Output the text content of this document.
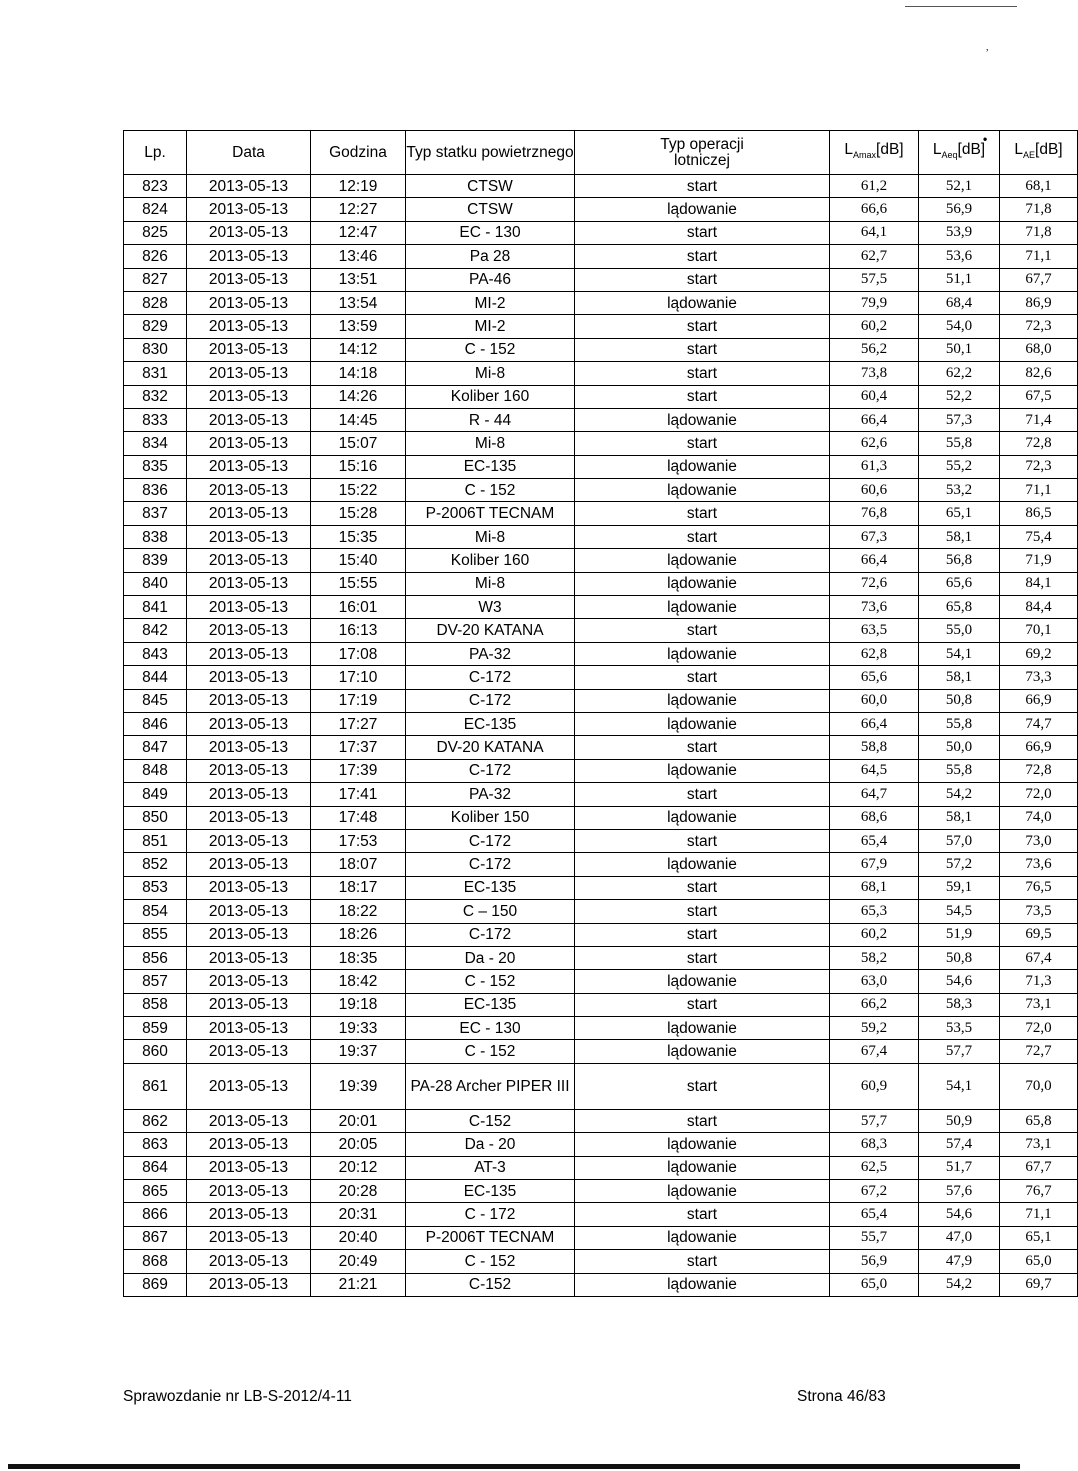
,
•
Lp.	Data	Godzina	Typ statku powietrznego	Typ operacji lotniczej	$L_{Amax}[dB]$	$L_{Aeq}[dB]$	$L_{AE}[dB]$
823	2013-05-13	12:19	CTSW	start	61,2	52,1	68,1
824	2013-05-13	12:27	CTSW	lądowanie	66,6	56,9	71,8
825	2013-05-13	12:47	EC - 130	start	64,1	53,9	71,8
826	2013-05-13	13:46	Pa 28	start	62,7	53,6	71,1
827	2013-05-13	13:51	PA-46	start	57,5	51,1	67,7
828	2013-05-13	13:54	MI-2	lądowanie	79,9	68,4	86,9
829	2013-05-13	13:59	MI-2	start	60,2	54,0	72,3
830	2013-05-13	14:12	C - 152	start	56,2	50,1	68,0
831	2013-05-13	14:18	Mi-8	start	73,8	62,2	82,6
832	2013-05-13	14:26	Koliber 160	start	60,4	52,2	67,5
833	2013-05-13	14:45	R - 44	lądowanie	66,4	57,3	71,4
834	2013-05-13	15:07	Mi-8	start	62,6	55,8	72,8
835	2013-05-13	15:16	EC-135	lądowanie	61,3	55,2	72,3
836	2013-05-13	15:22	C - 152	lądowanie	60,6	53,2	71,1
837	2013-05-13	15:28	P-2006T TECNAM	start	76,8	65,1	86,5
838	2013-05-13	15:35	Mi-8	start	67,3	58,1	75,4
839	2013-05-13	15:40	Koliber 160	lądowanie	66,4	56,8	71,9
840	2013-05-13	15:55	Mi-8	lądowanie	72,6	65,6	84,1
841	2013-05-13	16:01	W3	lądowanie	73,6	65,8	84,4
842	2013-05-13	16:13	DV-20 KATANA	start	63,5	55,0	70,1
843	2013-05-13	17:08	PA-32	lądowanie	62,8	54,1	69,2
844	2013-05-13	17:10	C-172	start	65,6	58,1	73,3
845	2013-05-13	17:19	C-172	lądowanie	60,0	50,8	66,9
846	2013-05-13	17:27	EC-135	lądowanie	66,4	55,8	74,7
847	2013-05-13	17:37	DV-20 KATANA	start	58,8	50,0	66,9
848	2013-05-13	17:39	C-172	lądowanie	64,5	55,8	72,8
849	2013-05-13	17:41	PA-32	start	64,7	54,2	72,0
850	2013-05-13	17:48	Koliber 150	lądowanie	68,6	58,1	74,0
851	2013-05-13	17:53	C-172	start	65,4	57,0	73,0
852	2013-05-13	18:07	C-172	lądowanie	67,9	57,2	73,6
853	2013-05-13	18:17	EC-135	start	68,1	59,1	76,5
854	2013-05-13	18:22	C – 150	start	65,3	54,5	73,5
855	2013-05-13	18:26	C-172	start	60,2	51,9	69,5
856	2013-05-13	18:35	Da - 20	start	58,2	50,8	67,4
857	2013-05-13	18:42	C - 152	lądowanie	63,0	54,6	71,3
858	2013-05-13	19:18	EC-135	start	66,2	58,3	73,1
859	2013-05-13	19:33	EC - 130	lądowanie	59,2	53,5	72,0
860	2013-05-13	19:37	C - 152	lądowanie	67,4	57,7	72,7
861	2013-05-13	19:39	PA-28 Archer PIPER III	start	60,9	54,1	70,0
862	2013-05-13	20:01	C-152	start	57,7	50,9	65,8
863	2013-05-13	20:05	Da - 20	lądowanie	68,3	57,4	73,1
864	2013-05-13	20:12	AT-3	lądowanie	62,5	51,7	67,7
865	2013-05-13	20:28	EC-135	lądowanie	67,2	57,6	76,7
866	2013-05-13	20:31	C - 172	start	65,4	54,6	71,1
867	2013-05-13	20:40	P-2006T TECNAM	lądowanie	55,7	47,0	65,1
868	2013-05-13	20:49	C - 152	start	56,9	47,9	65,0
869	2013-05-13	21:21	C-152	lądowanie	65,0	54,2	69,7
Sprawozdanie nr LB-S-2012/4-11	Strona 46/83
